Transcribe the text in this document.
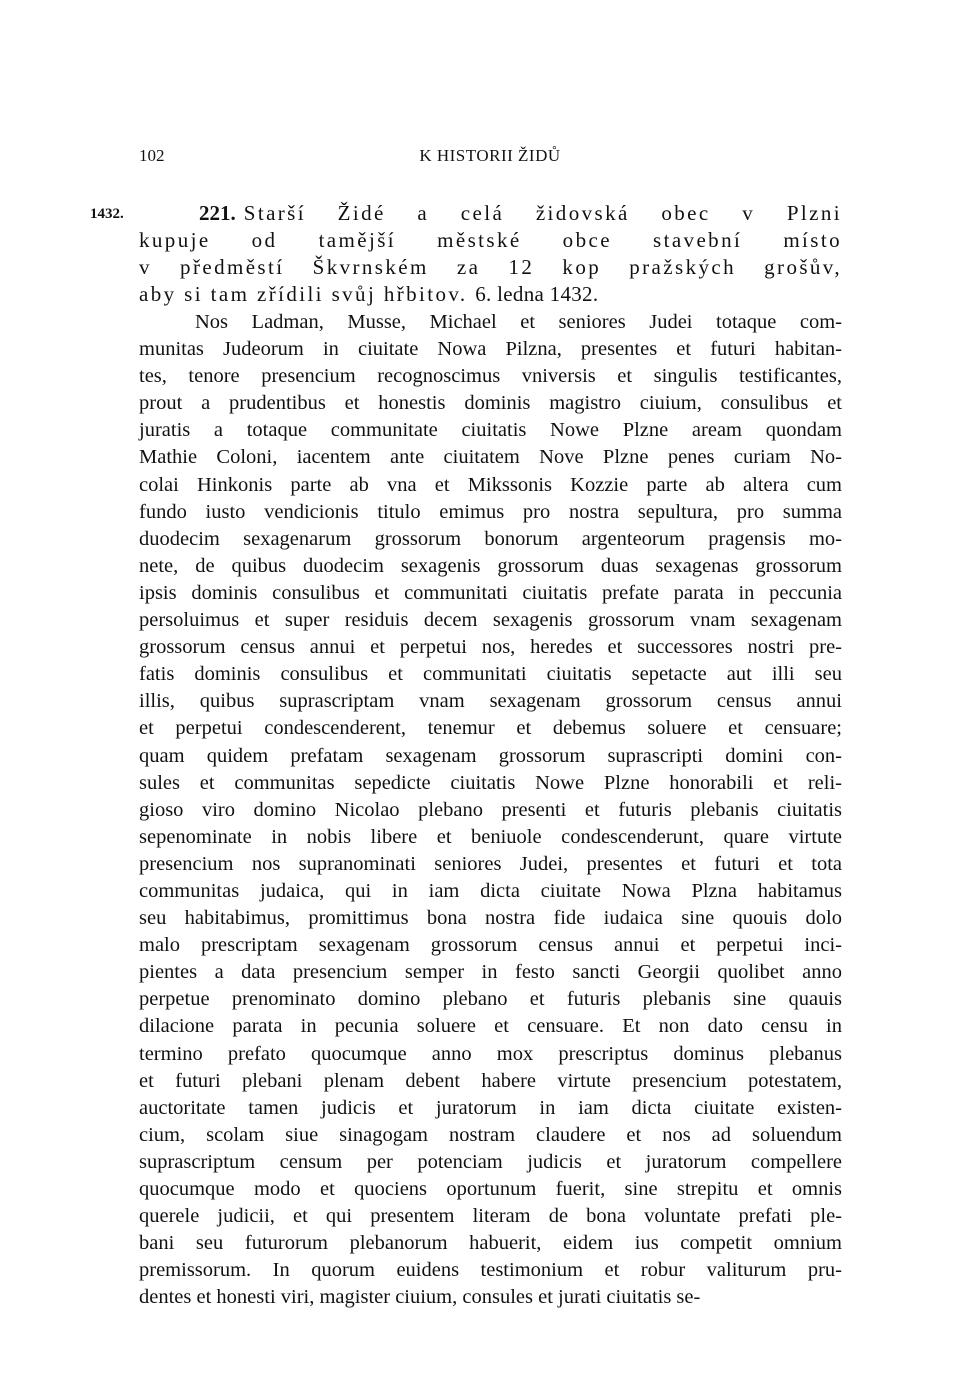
102	K HISTORII ŽIDŮ
1432.	221. Starší Židé a celá židovská obec v Plzni
kupuje od tamější městské obce stavební místo
v předměstí Škvrnském za 12 kop pražských grošův,
aby si tam zřídili svůj hřbitov. 6. ledna 1432.
Nos Ladman, Musse, Michael et seniores Judei totaque com-
munitas Judeorum in ciuitate Nowa Pilzna, presentes et futuri habitan-
tes, tenore presencium recognoscimus vniversis et singulis testificantes,
prout a prudentibus et honestis dominis magistro ciuium, consulibus et
juratis a totaque communitate ciuitatis Nowe Plzne aream quondam
Mathie Coloni, iacentem ante ciuitatem Nove Plzne penes curiam No-
colai Hinkonis parte ab vna et Mikssonis Kozzie parte ab altera cum
fundo iusto vendicionis titulo emimus pro nostra sepultura, pro summa
duodecim sexagenarum grossorum bonorum argenteorum pragensis mo-
nete, de quibus duodecim sexagenis grossorum duas sexagenas grossorum
ipsis dominis consulibus et communitati ciuitatis prefate parata in peccunia
persoluimus et super residuis decem sexagenis grossorum vnam sexagenam
grossorum census annui et perpetui nos, heredes et successores nostri pre-
fatis dominis consulibus et communitati ciuitatis sepetacte aut illi seu
illis, quibus suprascriptam vnam sexagenam grossorum census annui
et perpetui condescenderent, tenemur et debemus soluere et censuare;
quam quidem prefatam sexagenam grossorum suprascripti domini con-
sules et communitas sepedicte ciuitatis Nowe Plzne honorabili et reli-
gioso viro domino Nicolao plebano presenti et futuris plebanis ciuitatis
sepenominate in nobis libere et beniuole condescenderunt, quare virtute
presencium nos supranominati seniores Judei, presentes et futuri et tota
communitas judaica, qui in iam dicta ciuitate Nowa Plzna habitamus
seu habitabimus, promittimus bona nostra fide iudaica sine quouis dolo
malo prescriptam sexagenam grossorum census annui et perpetui inci-
pientes a data presencium semper in festo sancti Georgii quolibet anno
perpetue prenominato domino plebano et futuris plebanis sine quauis
dilacione parata in pecunia soluere et censuare. Et non dato censu in
termino prefato quocumque anno mox prescriptus dominus plebanus
et futuri plebani plenam debent habere virtute presencium potestatem,
auctoritate tamen judicis et juratorum in iam dicta ciuitate existen-
cium, scolam siue sinagogam nostram claudere et nos ad soluendum
suprascriptum censum per potenciam judicis et juratorum compellere
quocumque modo et quociens oportunum fuerit, sine strepitu et omnis
querele judicii, et qui presentem literam de bona voluntate prefati ple-
bani seu futurorum plebanorum habuerit, eidem ius competit omnium
premissorum. In quorum euidens testimonium et robur valiturum pru-
dentes et honesti viri, magister ciuium, consules et jurati ciuitatis se-
